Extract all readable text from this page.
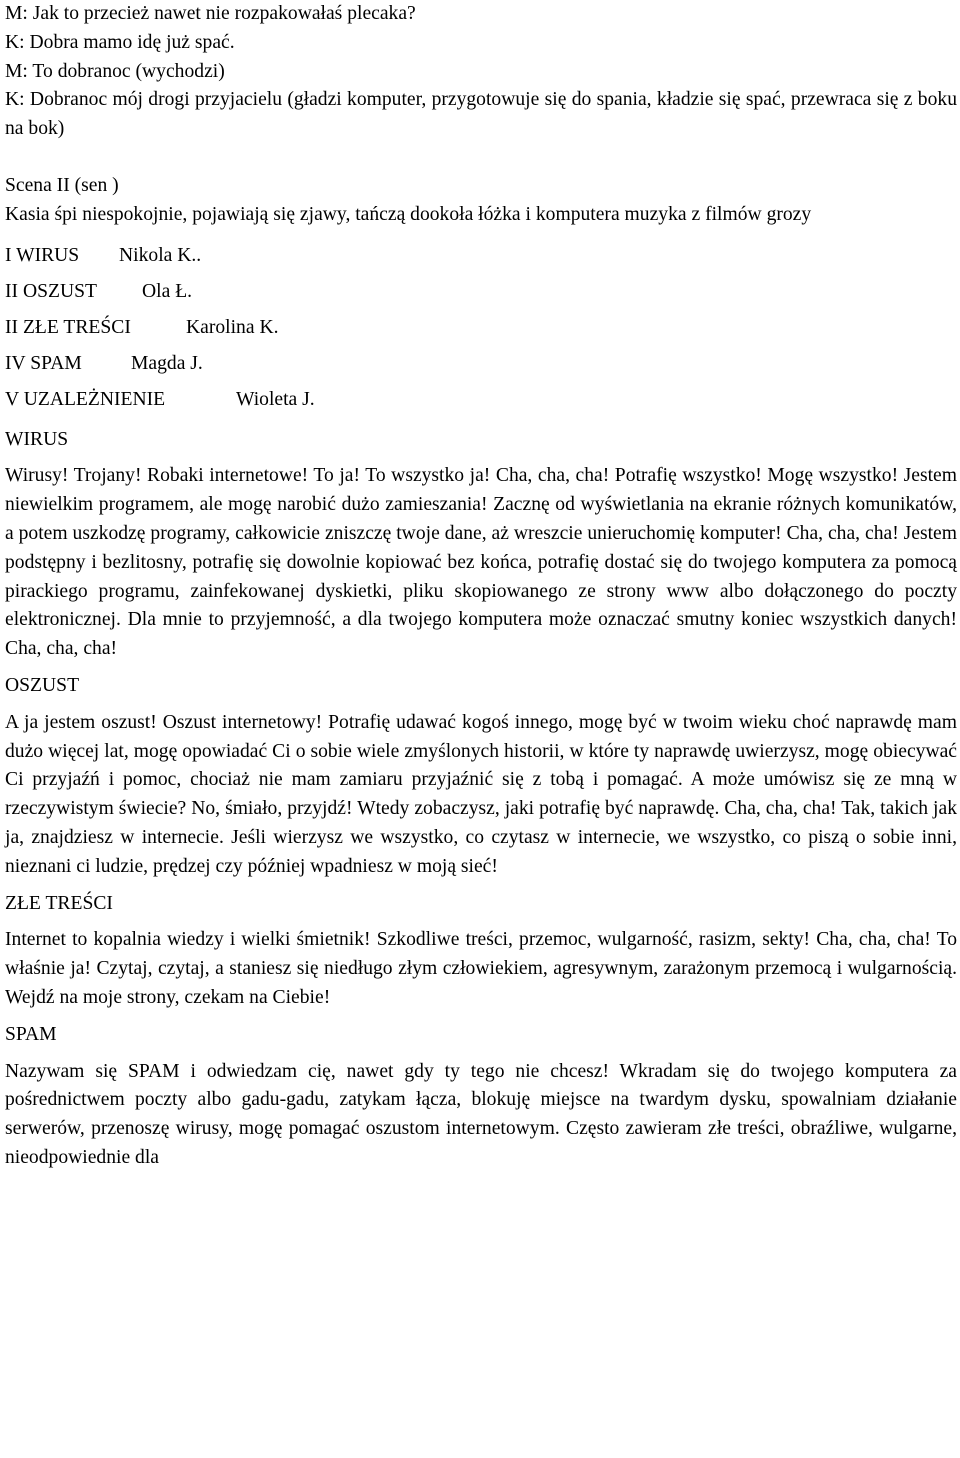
M: Jak to przecież nawet nie rozpakowałaś plecaka?
K: Dobra mamo idę już spać.
M: To dobranoc (wychodzi)
K: Dobranoc mój drogi przyjacielu (gładzi komputer, przygotowuje się do spania, kładzie się spać, przewraca się z boku na bok)
Scena II (sen )
Kasia śpi niespokojnie, pojawiają się zjawy, tańczą dookoła łóżka i komputera muzyka z filmów grozy
I WIRUS Nikola K..
II OSZUST Ola Ł.
II ZŁE TREŚCI	Karolina K.
IV SPAM	Magda J.
V UZALEŻNIENIE	Wioleta J.
WIRUS
Wirusy! Trojany! Robaki internetowe! To ja! To wszystko ja! Cha, cha, cha! Potrafię wszystko! Mogę wszystko! Jestem niewielkim programem, ale mogę narobić dużo zamieszania! Zacznę od wyświetlania na ekranie różnych komunikatów, a potem uszkodzę programy, całkowicie zniszczę twoje dane, aż wreszcie unieruchomię komputer! Cha, cha, cha! Jestem podstępny i bezlitosny, potrafię się dowolnie kopiować bez końca, potrafię dostać się do twojego komputera za pomocą pirackiego programu, zainfekowanej dyskietki, pliku skopiowanego ze strony www albo dołączonego do poczty elektronicznej. Dla mnie to przyjemność, a dla twojego komputera może oznaczać smutny koniec wszystkich danych! Cha, cha, cha!
OSZUST
A ja jestem oszust! Oszust internetowy! Potrafię udawać kogoś innego, mogę być w twoim wieku choć naprawdę mam dużo więcej lat, mogę opowiadać Ci o sobie wiele zmyślonych historii, w które ty naprawdę uwierzysz, mogę obiecywać Ci przyjaźń i pomoc, chociaż nie mam zamiaru przyjaźnić się z tobą i pomagać. A może umówisz się ze mną w rzeczywistym świecie? No, śmiało, przyjdź! Wtedy zobaczysz, jaki potrafię być naprawdę. Cha, cha, cha! Tak, takich jak ja, znajdziesz w internecie. Jeśli wierzysz we wszystko, co czytasz w internecie, we wszystko, co piszą o sobie inni, nieznani ci ludzie, prędzej czy później wpadniesz w moją sieć!
ZŁE TREŚCI
Internet to kopalnia wiedzy i wielki śmietnik! Szkodliwe treści, przemoc, wulgarność, rasizm, sekty! Cha, cha, cha! To właśnie ja! Czytaj, czytaj, a staniesz się niedługo złym człowiekiem, agresywnym, zarażonym przemocą i wulgarnością. Wejdź na moje strony, czekam na Ciebie!
SPAM
Nazywam się SPAM i odwiedzam cię, nawet gdy ty tego nie chcesz! Wkradam się do twojego komputera za pośrednictwem poczty albo gadu-gadu, zatykam łącza, blokuję miejsce na twardym dysku, spowalniam działanie serwerów, przenoszę wirusy, mogę pomagać oszustom internetowym. Często zawieram złe treści, obraźliwe, wulgarne, nieodpowiednie dla
